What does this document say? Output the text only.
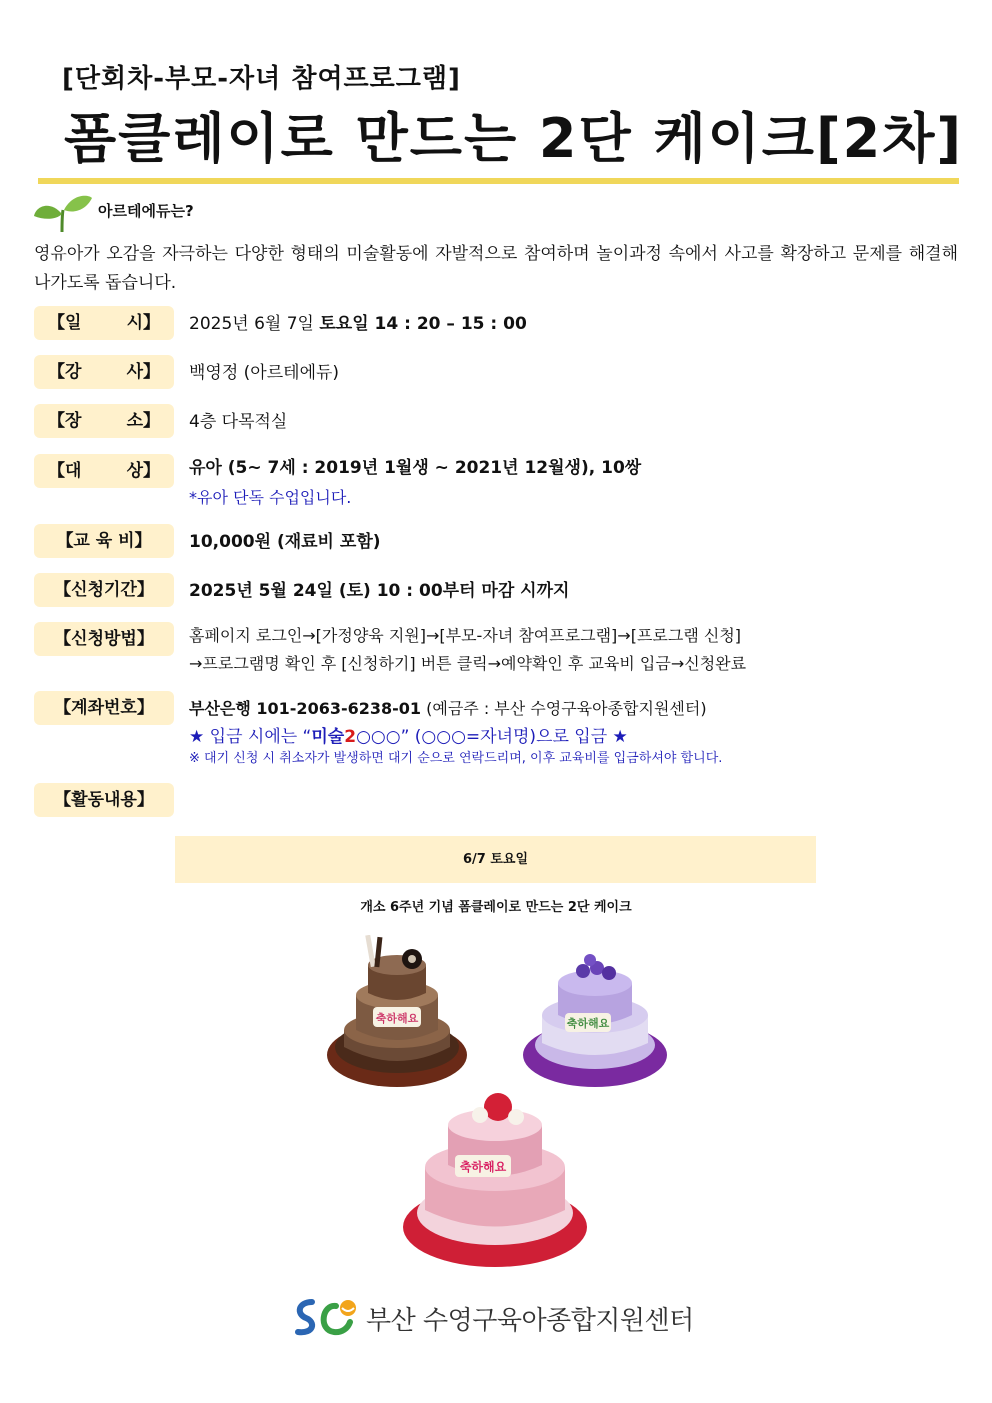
[단회차-부모-자녀 참여프로그램]
폼클레이로 만드는 2단 케이크[2차]
아르테에듀는?
영유아가 오감을 자극하는 다양한 형태의 미술활동에 자발적으로 참여하며 놀이과정 속에서 사고를 확장하고 문제를 해결해 나가도록 돕습니다.
【일	시】 2025년 6월 7일 토요일 14 : 20 – 15 : 00
【강	사】 백영정 (아르테에듀)
【장	소】 4층 다목적실
【대	상】 유아 (5~ 7세 : 2019년 1월생 ~ 2021년 12월생), 10쌍
*유아 단독 수업입니다.
【교 육 비】 10,000원 (재료비 포함)
【신청기간】 2025년 5월 24일 (토) 10 : 00부터 마감 시까지
【신청방법】 홈페이지 로그인→[가정양육 지원]→[부모-자녀 참여프로그램]→[프로그램 신청]
→프로그램명 확인 후 [신청하기] 버튼 클릭→예약확인 후 교육비 입금→신청완료
【계좌번호】 부산은행 101-2063-6238-01 (예금주 : 부산 수영구육아종합지원센터)
★ 입금 시에는 “미술2○○○” (○○○=자녀명)으로 입금 ★
※ 대기 신청 시 취소자가 발생하면 대기 순으로 연락드리며, 이후 교육비를 입금하셔야 합니다.
【활동내용】
6/7 토요일
개소 6주년 기념 폼클레이로 만드는 2단 케이크
축하해요	축하해요
축하해요
부산 수영구육아종합지원센터
